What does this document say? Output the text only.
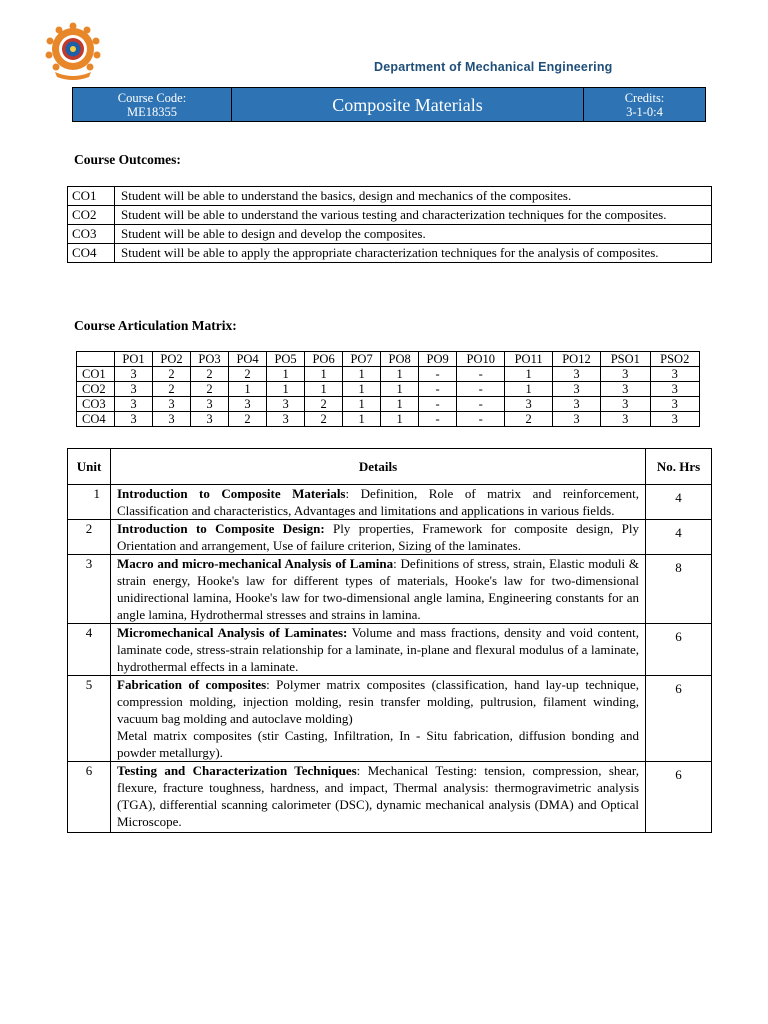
Department of Mechanical Engineering
Course Code:
ME18355	Composite Materials	Credits:
3-1-0:4
Course Outcomes:
CO1	Student will be able to understand the basics, design and mechanics of the composites.
CO2	Student will be able to understand the various testing and characterization techniques for the composites.
CO3	Student will be able to design and develop the composites.
CO4	Student will be able to apply the appropriate characterization techniques for the analysis of composites.
Course Articulation Matrix:
	PO1	PO2	PO3	PO4	PO5	PO6	PO7	PO8	PO9	PO10	PO11	PO12	PSO1	PSO2
CO1	3	2	2	2	1	1	1	1	-	-	1	3	3	3
CO2	3	2	2	1	1	1	1	1	-	-	1	3	3	3
CO3	3	3	3	3	3	2	1	1	-	-	3	3	3	3
CO4	3	3	3	2	3	2	1	1	-	-	2	3	3	3
Unit	Details	No. Hrs
1	Introduction to Composite Materials: Definition, Role of matrix and reinforcement, Classification and characteristics, Advantages and limitations and applications in various fields.	4
2	Introduction to Composite Design: Ply properties, Framework for composite design, Ply Orientation and arrangement, Use of failure criterion, Sizing of the laminates.	4
3	Macro and micro-mechanical Analysis of Lamina: Definitions of stress, strain, Elastic moduli & strain energy, Hooke's law for different types of materials, Hooke's law for two-dimensional unidirectional lamina, Hooke's law for two-dimensional angle lamina, Engineering constants for an angle lamina, Hydrothermal stresses and strains in lamina.	8
4	Micromechanical Analysis of Laminates: Volume and mass fractions, density and void content, laminate code, stress-strain relationship for a laminate, in-plane and flexural modulus of a laminate, hydrothermal effects in a laminate.	6
5	Fabrication of composites: Polymer matrix composites (classification, hand lay-up technique, compression molding, injection molding, resin transfer molding, pultrusion, filament winding, vacuum bag molding and autoclave molding)
Metal matrix composites (stir Casting, Infiltration, In - Situ fabrication, diffusion bonding and powder metallurgy).	6
6	Testing and Characterization Techniques: Mechanical Testing: tension, compression, shear, flexure, fracture toughness, hardness, and impact, Thermal analysis: thermogravimetric analysis (TGA), differential scanning calorimeter (DSC), dynamic mechanical analysis (DMA) and Optical Microscope.	6
